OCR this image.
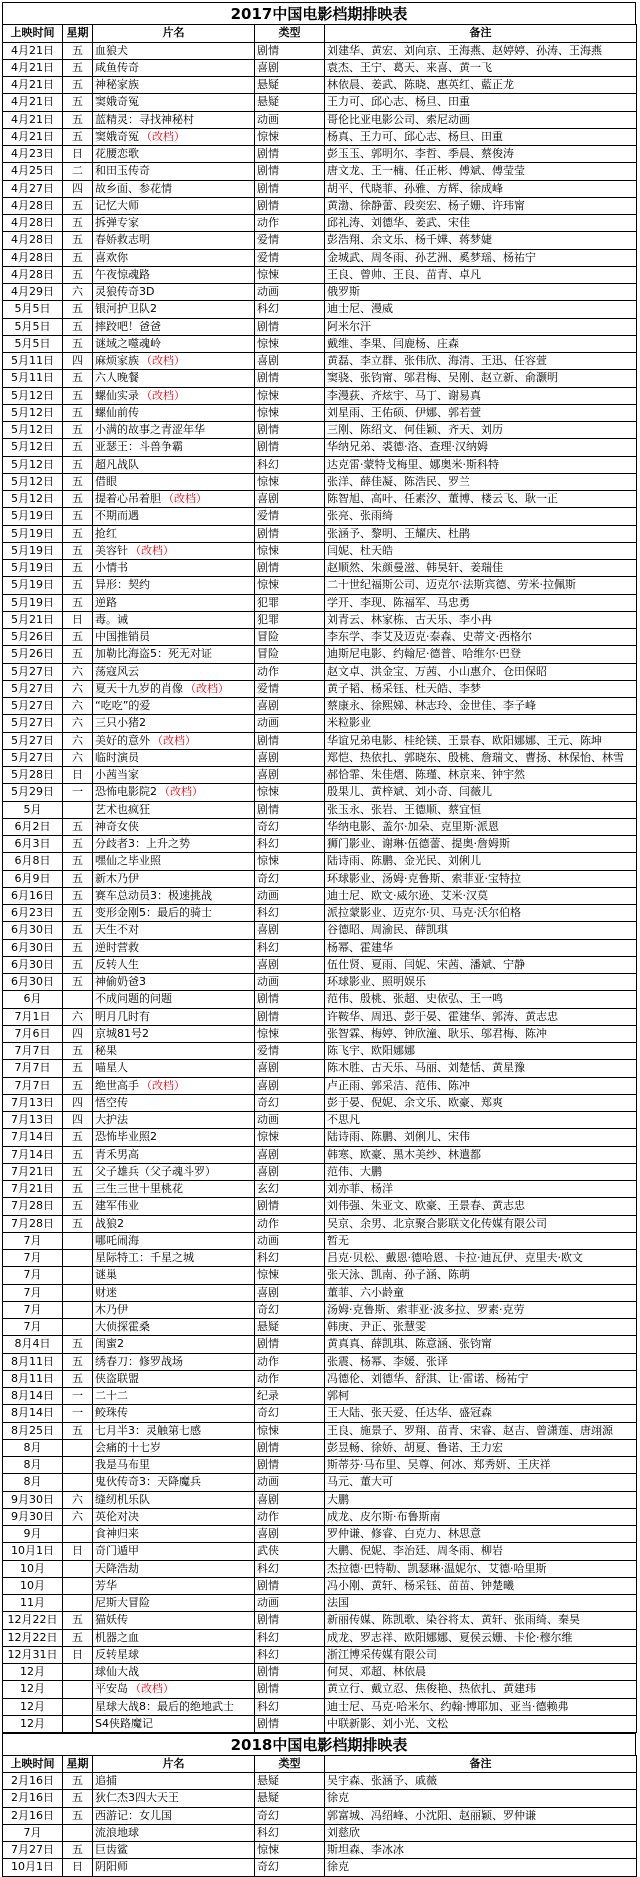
2017中国电影档期排映表
上映时间	星期	片名	类型	备注
4月21日	五	血狼犬	剧情	刘建华、黄宏、刘向京、王海燕、赵婷婷、孙涛、王海燕
4月21日	五	咸鱼传奇	喜剧	袁杰、王宁、葛天、来喜、黄一飞
4月21日	五	神秘家族	悬疑	林依晨、姜武、陈晓、惠英红、藍正龙
4月21日	五	窦娥奇冤	悬疑	王力可、邱心志、杨旦、田重
4月21日	五	蓝精灵：寻找神秘村	动画	哥伦比亚电影公司、索尼动画
4月21日	五	窦娥奇冤 （改档）	惊悚	杨真、王力可、邱心志、杨旦、田重
4月23日	日	花腰恋歌	剧情	彭玉玉、郭明尔、李哲、季晨、蔡俊涛
4月25日	二	和田玉传奇	剧情	唐文龙、王一楠、任正彬、傅斌、傅莹莹
4月27日	四	故乡面、参花情	剧情	胡平、代晓菲、孙雅、方辉、徐成峰
4月28日	五	记忆大师	剧情	黄渤、徐静蕾、段奕宏、杨子姗、许玮甯
4月28日	五	拆弹专家	动作	邱礼涛、刘德华、姜武、宋佳
4月28日	五	春娇救志明	爱情	彭浩翔、余文乐、杨千嬅、蒋梦婕
4月28日	五	喜欢你	爱情	金城武、周冬雨、孙艺洲、奚梦瑶、杨祐宁
4月28日	五	午夜惊魂路	惊悚	王良、曾帅、王良、苗青、卓凡
4月29日	六	灵狼传奇3D	动画	俄罗斯
5月5日	五	银河护卫队2	科幻	迪士尼、漫威
5月5日	五	摔跤吧！爸爸	剧情	阿米尔汗
5月5日	五	谜域之噬魂岭	惊悚	戴维、李果、闫鹿杨、庄森
5月11日	四	麻烦家族 （改档）	喜剧	黄磊、李立群、张伟欣、海清、王迅、任容萱
5月11日	五	六人晚餐	剧情	窦骁、张钧甯、邬君梅、吴刚、赵立新、俞灏明
5月12日	五	螺仙实录 （改档）	惊悚	李漫荻、齐炫宇、马丁、谢易真
5月12日	五	螺仙前传	惊悚	刘星雨、王佑硕、伊娜、郭若萱
5月12日	五	小满的故事之青涩年华	剧情	三刚、陈绍文、何佳颖、齐天、刘历
5月12日	五	亚瑟王：斗兽争霸	剧情	华纳兄弟、裘德·洛、查理·汉纳姆
5月12日	五	超凡战队	科幻	达克雷·蒙特戈梅里、娜奥米·斯科特
5月12日	五	借眼	惊悚	张洋、薛佳凝、陈浩民、罗兰
5月12日	五	提着心吊着胆 （改档）	喜剧	陈智旭、高叶、任素汐、董博、楼云飞、耿一正
5月19日	五	不期而遇	爱情	张亮、张雨绮
5月19日	五	抢红	剧情	张涵予、黎明、王耀庆、杜鹃
5月19日	五	美容针 （改档）	惊悚	闫妮、杜天皓
5月19日	五	小情书	剧情	赵顺然、朱颜曼滋、韩昊轩、姜瑞佳
5月19日	五	异形：契约	惊悚	二十世纪福斯公司、迈克尔·法斯宾德、劳米·拉佩斯
5月19日	五	逆路	犯罪	学开、李现、陈福军、马忠勇
5月21日	日	毒。诫	犯罪	刘青云、林家栋、古天乐、李小冉
5月26日	五	中国推销员	冒险	李东学、李艾及迈克·泰森、史蒂文·西格尔
5月26日	五	加勒比海盗5：死无对证	冒险	迪斯尼电影、约翰尼·德普、哈维尔·巴登
5月27日	六	荡寇风云	动作	赵文卓、洪金宝、万茜、小山惠介、仓田保昭
5月27日	六	夏天十九岁的肖像 （改档）	爱情	黄子韬、杨采钰、杜天皓、李梦
5月27日	六	“吃吃”的爱	喜剧	蔡康永、徐熙娣、林志玲、金世佳、李子峰
5月27日	六	三只小猪2	动画	米粒影业
5月27日	六	美好的意外 （改档）	剧情	华谊兄弟电影、桂纶镁、王景春、欧阳娜娜、王元、陈坤
5月27日	六	临时演员	喜剧	郑恺、热依扎、郭晓东、殷桃、詹瑞文、曹扬、林保怡、林雪
5月28日	日	小茜当家	喜剧	郝恰霏、朱佳熠、陈瑾、林京来、钟宇然
5月29日	一	恐怖电影院2 （改档）	惊悚	殷果儿、黄梓斌、刘小奇、闫薇儿
5月		艺术也疯狂	剧情	张玉永、张岩、王德顺、蔡宜恒
6月2日	五	神奇女侠	奇幻	华纳电影、盖尔·加朵、克里斯·派恩
6月3日	五	分歧者3：上升之势	科幻	狮门影业、谢琳·伍德蕾、提奥·詹姆斯
6月8日	五	嘿仙之毕业照	惊悚	陆诗雨、陈鹏、金光民、刘俐儿
6月9日	五	新木乃伊	奇幻	环球影业、汤姆·克鲁斯、索菲亚·宝特拉
6月16日	五	赛车总动员3：极速挑战	动画	迪士尼、欧文·威尔逊、艾米·汉莫
6月23日	五	变形金刚5：最后的骑士	科幻	派拉蒙影业、迈克尔·贝、马克·沃尔伯格
6月30日	五	天生不对	喜剧	谷德昭、周渝民、薛凯琪
6月30日	五	逆时营救	科幻	杨幂、霍建华
6月30日	五	反转人生	喜剧	伍仕贤、夏雨、闫妮、宋茜、潘斌、宁静
6月30日	五	神偷奶爸3	动画	环球影业、照明娱乐
6月		不成问题的问题	剧情	范伟、殷桃、张超、史依弘、王一鸣
7月1日	六	明月几时有	剧情	许鞍华、周迅、彭于晏、霍建华、郭涛、黄志忠
7月6日	四	京城81号2	惊悚	张智霖、梅婷、钟欣潼、耿乐、邬君梅、陈冲
7月7日	五	秘果	爱情	陈飞宇、欧阳娜娜
7月7日	五	喵星人	喜剧	陈木胜、古天乐、马丽、刘楚恬、黄星豫
7月7日	五	绝世高手 （改档）	喜剧	卢正雨、郭采洁、范伟、陈冲
7月13日	四	悟空传	奇幻	彭于晏、倪妮、余文乐、欧豪、郑爽
7月13日	四	大护法	动画	不思凡
7月14日	五	恐怖毕业照2	惊悚	陆诗雨、陈鹏、刘俐儿、宋伟
7月14日	五	青禾男高	喜剧	韩寒、欧豪、黑木美纱、林遣都
7月21日	五	父子雄兵（父子魂斗罗）	喜剧	范伟、大鹏
7月21日	五	三生三世十里桃花	玄幻	刘亦菲、杨洋
7月28日	五	建军伟业	剧情	刘伟强、朱亚文、欧豪、王景春、黄志忠
7月28日	五	战狼2	动作	吴京、余男、北京聚合影联文化传媒有限公司
7月		哪吒闹海	动画	暂无
7月		星际特工：千星之城	科幻	吕克·贝松、戴恩·德哈恩、卡拉·迪瓦伊、克里夫·欧文
7月		谜巢	惊悚	张天泳、凯南、孙子涵、陈萌
7月		财迷	喜剧	董菲、六小龄童
7月		木乃伊	奇幻	汤姆·克鲁斯、索菲亚·波多拉、罗素·克劳
7月		大侦探霍桑	悬疑	韩庚、尹正、张慧雯
8月4日	五	闺蜜2	剧情	黄真真、薛凯琪、陈意涵、张钧甯
8月11日	五	绣春刀：修罗战场	动作	张震、杨幂、李媛、张译
8月11日	五	侠盗联盟	动作	冯德伦、刘德华、舒淇、让·雷诺、杨祐宁
8月14日	一	二十二	纪录	郭柯
8月14日	一	鲛珠传	奇幻	王大陆、张天爱、任达华、盛冠森
8月25日	五	七月半3：灵触第七感	惊悚	王良、施景子、罗翔、苗青、宋睿、赵吉、曾潇莲、唐翊源
8月		会痛的十七岁	剧情	彭昱畅、徐娇、胡夏、鲁诺、王力宏
8月		我是马布里	剧情	斯蒂芬·马布里、吴尊、何冰、郑秀妍、王庆祥
8月		鬼伙传奇3：天降魔兵	动画	马元、董大可
9月30日	六	缝纫机乐队	喜剧	大鹏
9月30日	六	英伦对决	动作	成龙、皮尔斯·布鲁斯南
9月		食神归来	喜剧	罗仲谦、修睿、白克力、林思意
10月1日	日	奇门遁甲	武侠	大鹏、倪妮、李治廷、周冬雨、柳岩
10月		天降浩劫	科幻	杰拉德·巴特勒、凯瑟琳·温妮尔、艾德·哈里斯
10月		芳华	剧情	冯小刚、黄轩、杨采钰、苗苗、钟楚曦
11月		尼斯大冒险	动画	法国
12月22日	五	猫妖传	剧情	新丽传媒、陈凯歌、染谷将太、黄轩、张雨绮、秦昊
12月22日	五	机器之血	科幻	成龙、罗志祥、欧阳娜娜、夏侯云姗、卡伦·穆尔维
12月31日	日	反转星球	科幻	浙江博采传媒有限公司
12月		球仙大战	剧情	何炅、邓超、林依晨
12月		平安岛 （改档）	剧情	黄立行、戴立忍、焦俊艳、热依扎、黄建玮
12月		星球大战8：最后的绝地武士	科幻	迪士尼、马克·哈米尔、约翰·博耶加、亚当·德赖弗
12月		S4侠路魔记	剧情	中联新影、刘小光、文松
2018中国电影档期排映表
上映时间	星期	片名	类型	备注
2月16日	五	追捕	悬疑	吴宇森、张涵予、戚薇
2月16日	五	狄仁杰3四大天王	悬疑	徐克
2月16日	五	西游记：女儿国	奇幻	郭富城、冯绍峰、小沈阳、赵丽颖、罗仲谦
7月		流浪地球	科幻	刘慈欣
7月27日	五	巨齿鲨	惊悚	斯坦森、李冰冰
10月1日	日	阴阳师	奇幻	徐克
